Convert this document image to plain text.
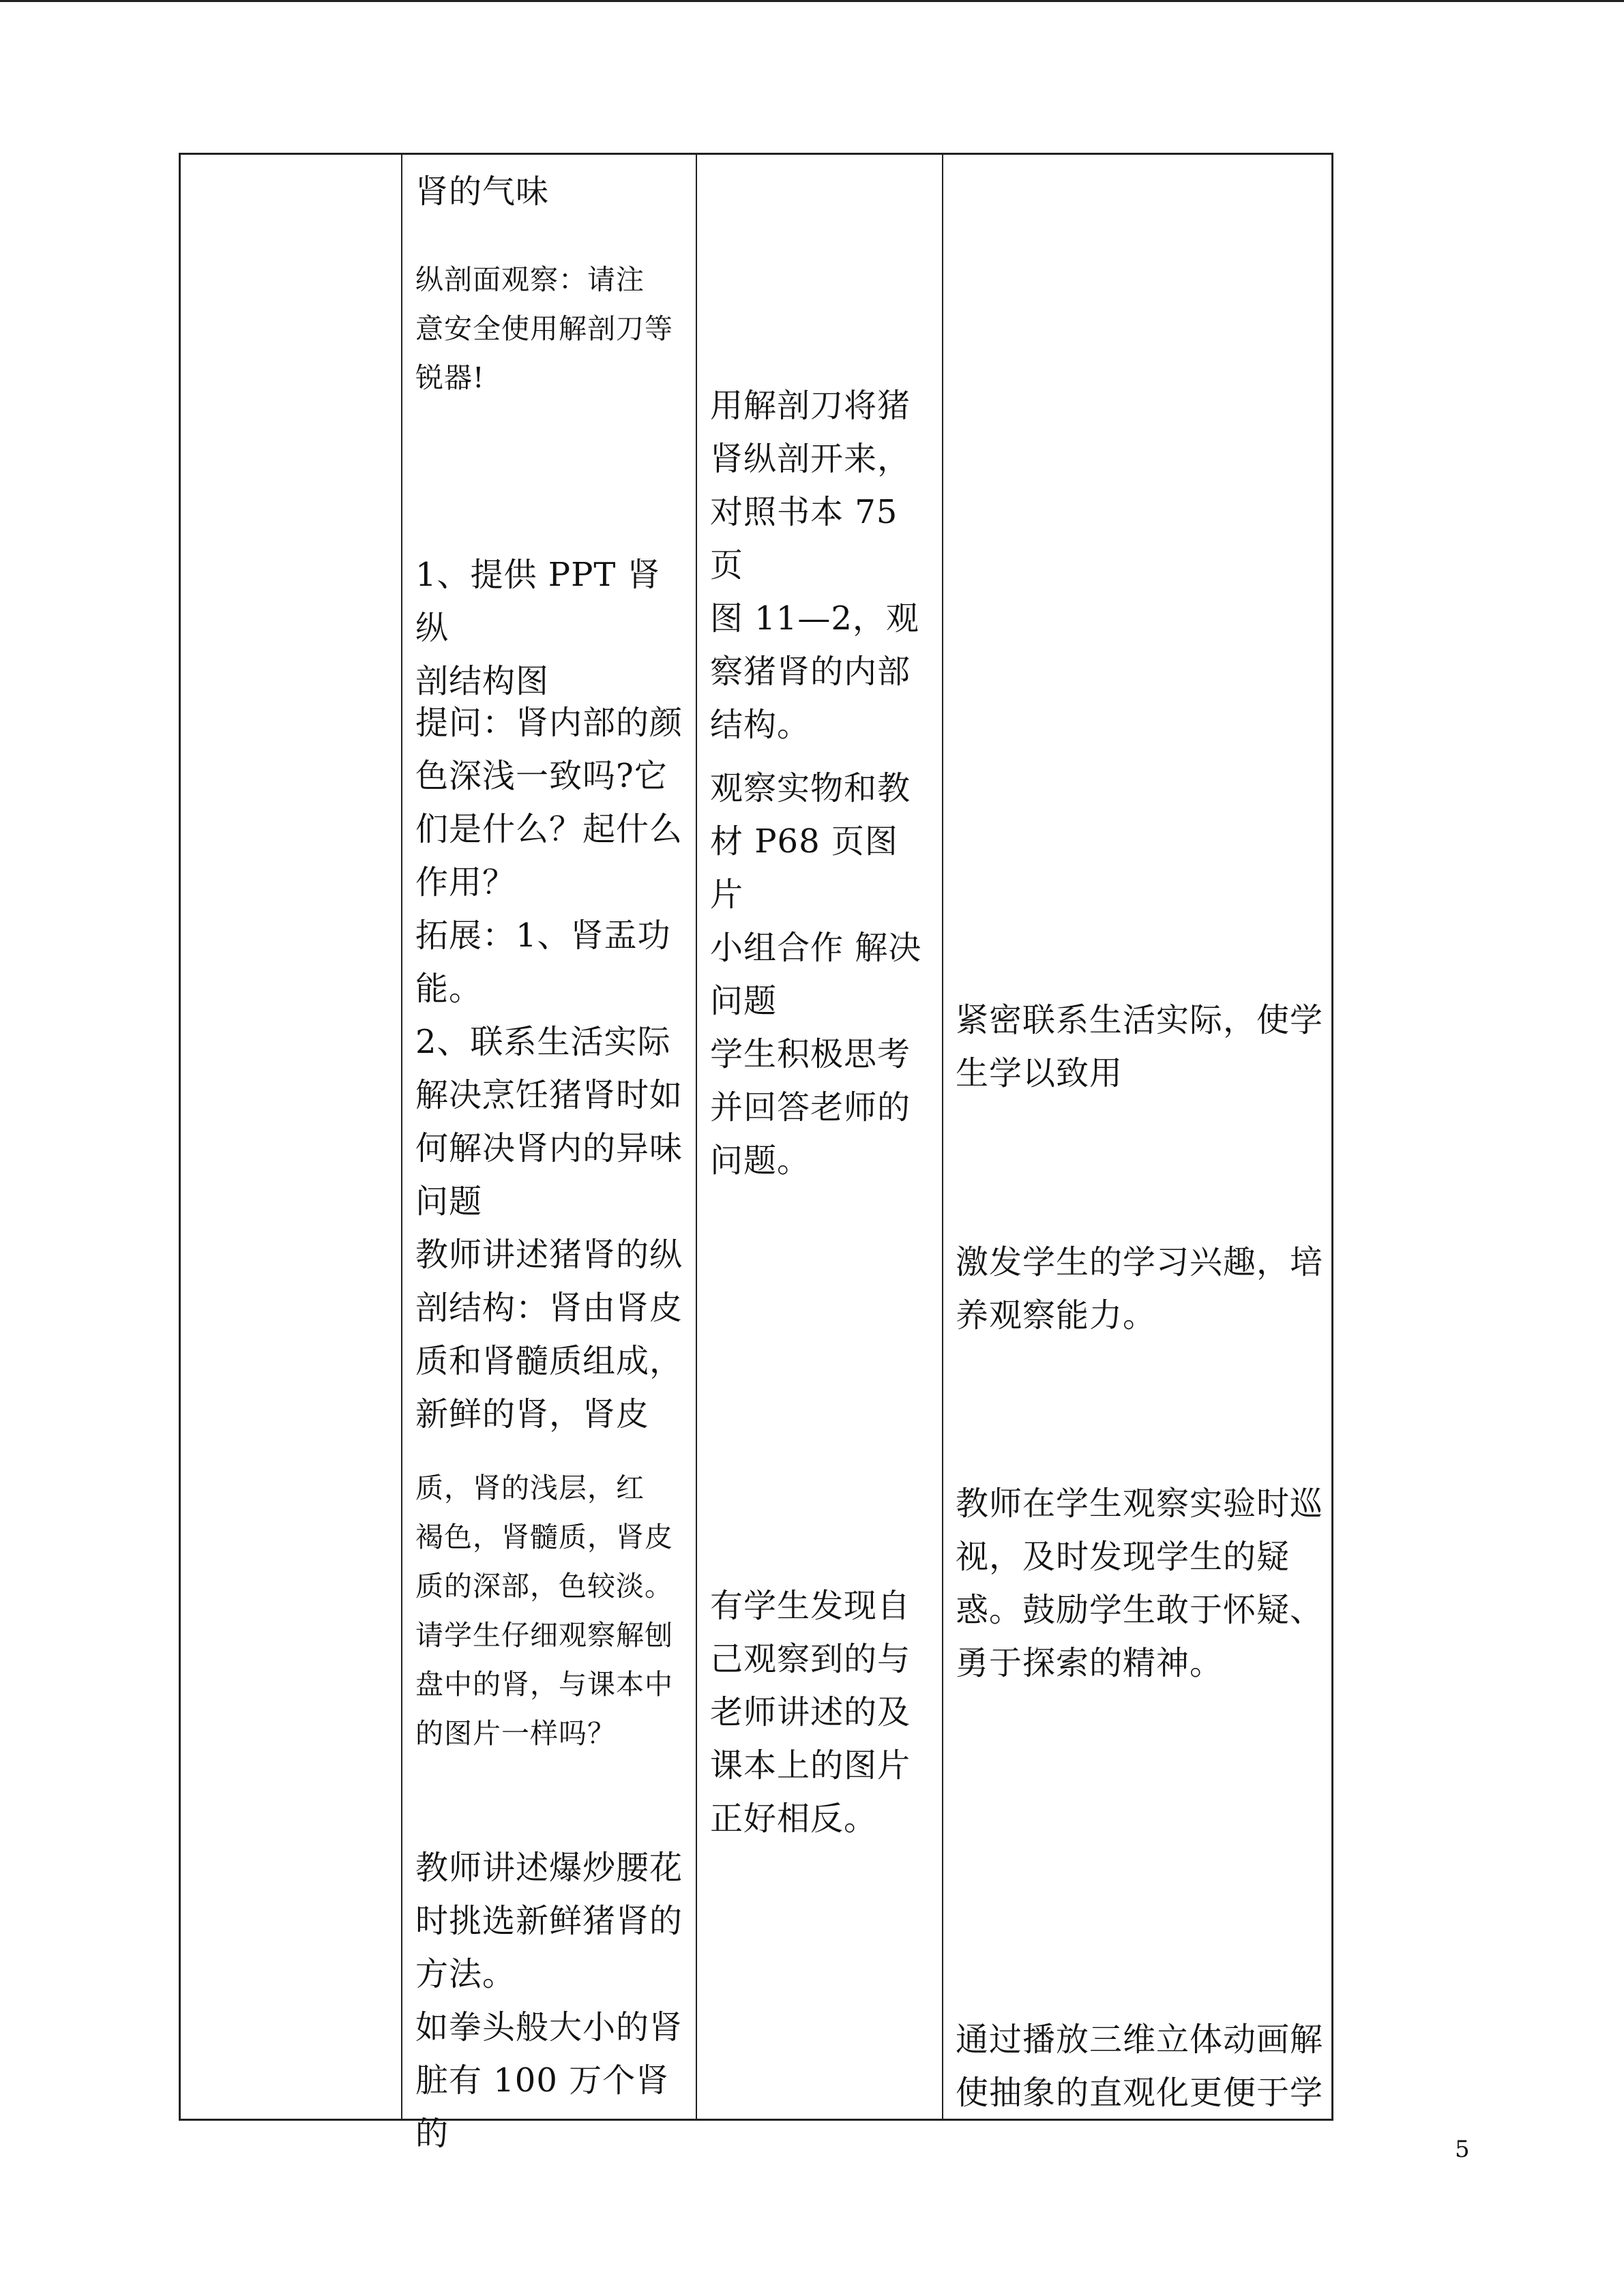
肾的气味
纵剖面观察：请注
意安全使用解剖刀等
锐器!
1、提供 PPT 肾纵
剖结构图
提问：肾内部的颜
色深浅一致吗?它
们是什么？起什么
作用？
拓展：1、肾盂功
能。
2、联系生活实际
解决烹饪猪肾时如
何解决肾内的异味
问题
教师讲述猪肾的纵
剖结构：肾由肾皮
质和肾髓质组成，
新鲜的肾，肾皮
质，肾的浅层，红
褐色，肾髓质，肾皮
质的深部，色较淡。
请学生仔细观察解刨
盘中的肾，与课本中
的图片一样吗？
教师讲述爆炒腰花
时挑选新鲜猪肾的
方法。
如拳头般大小的肾
脏有 100 万个肾的
用解剖刀将猪
肾纵剖开来，
对照书本 75 页
图 11—2，观
察猪肾的内部
结构。
观察实物和教
材 P68 页图片
小组合作 解决
问题
学生积极思考
并回答老师的
问题。
有学生发现自
己观察到的与
老师讲述的及
课本上的图片
正好相反。
紧密联系生活实际，使学
生学以致用
激发学生的学习兴趣，培
养观察能力。
教师在学生观察实验时巡
视，及时发现学生的疑
惑。鼓励学生敢于怀疑、
勇于探索的精神。
通过播放三维立体动画解
使抽象的直观化更便于学
5
